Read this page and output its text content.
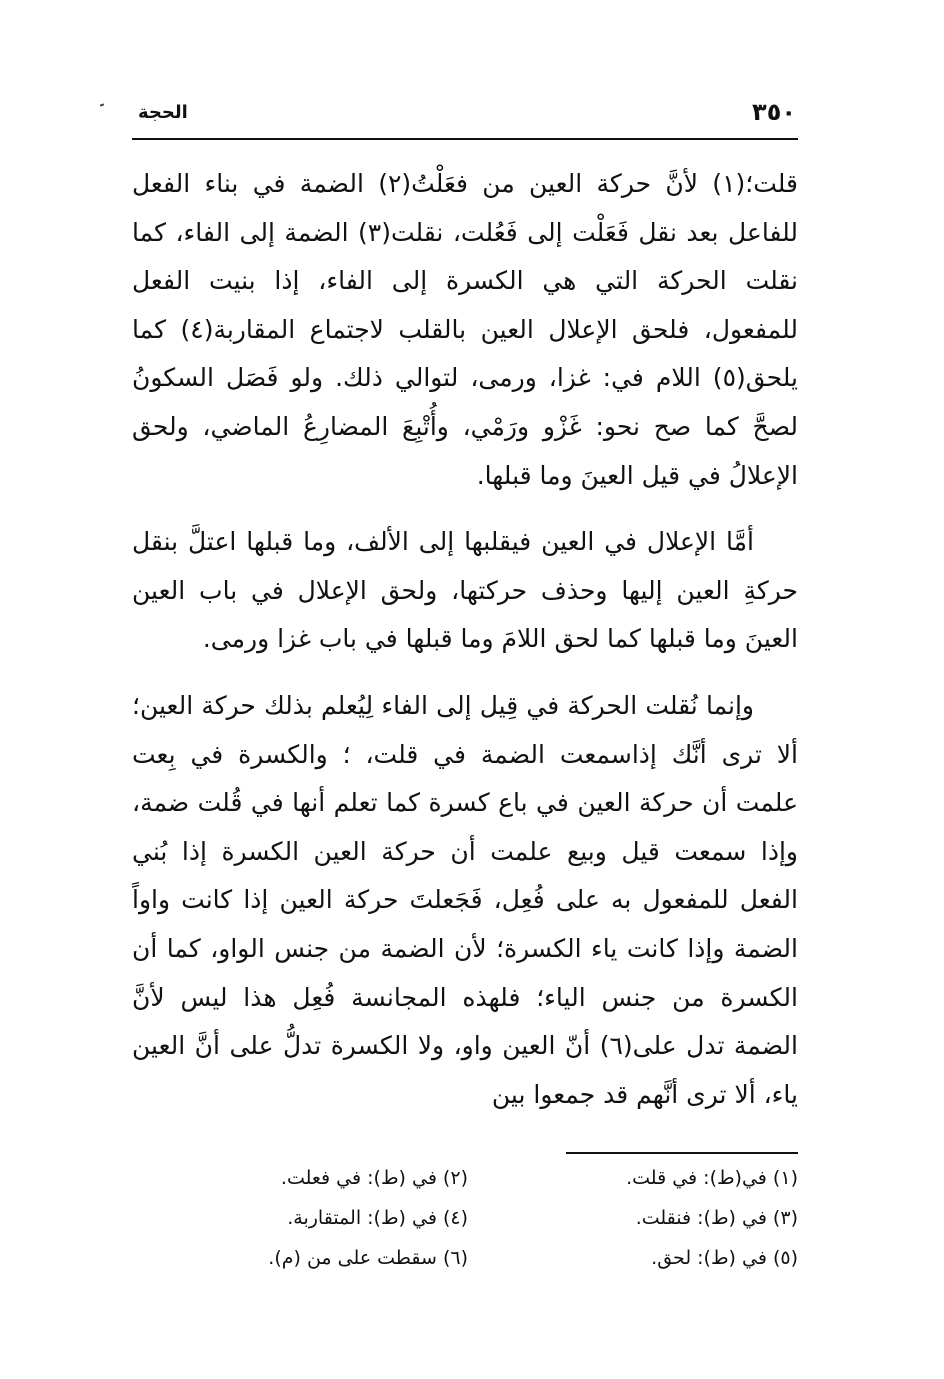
٣٥٠
الحجة

قلت؛(١) لأنَّ حركة العين من فعَلْتُ(٢) الضمة في بناء الفعل للفاعل بعد نقل فَعَلْت إلى فَعُلت، نقلت(٣) الضمة إلى الفاء، كما نقلت الحركة التي هي الكسرة إلى الفاء، إذا بنيت الفعل للمفعول، فلحق الإعلال العين بالقلب لاجتماع المقاربة(٤) كما يلحق(٥) اللام في: غزا، ورمى، لتوالي ذلك. ولو فَصَل السكونُ لصحَّ كما صح نحو: غَزْو ورَمْي، وأُتْبِعَ المضارِعُ الماضي، ولحق الإعلالُ في قيل العينَ وما قبلها.

أمَّا الإعلال في العين فيقلبها إلى الألف، وما قبلها اعتلَّ بنقل حركةِ العين إليها وحذف حركتها، ولحق الإعلال في باب العين العينَ وما قبلها كما لحق اللامَ وما قبلها في باب غزا ورمى.

وإنما نُقلت الحركة في قِيل إلى الفاء لِيُعلم بذلك حركة العين؛ ألا ترى أنَّك إذاسمعت الضمة في قلت، ؛ والكسرة في بِعت علمت أن حركة العين في باع كسرة كما تعلم أنها في قُلت ضمة، وإذا سمعت قيل وبيع علمت أن حركة العين الكسرة إذا بُني الفعل للمفعول به على فُعِل، فَجَعلتَ حركة العين إذا كانت واواً الضمة وإذا كانت ياء الكسرة؛ لأن الضمة من جنس الواو، كما أن الكسرة من جنس الياء؛ فلهذه المجانسة فُعِل هذا ليس لأنَّ الضمة تدل على(٦) أنّ العين واو، ولا الكسرة تدلُّ على أنَّ العين ياء، ألا ترى أنَّهم قد جمعوا بين

(١) في(ط): في قلت.
(٢) في (ط): في فعلت.
(٣) في (ط): فنقلت.
(٤) في (ط): المتقاربة.
(٥) في (ط): لحق.
(٦) سقطت على من (م).
